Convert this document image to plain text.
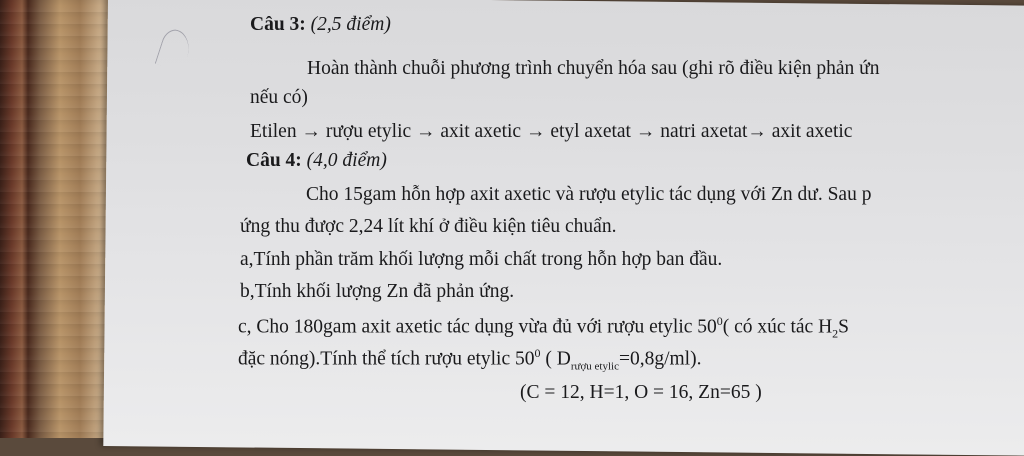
Câu 3: (2,5 điểm)
Hoàn thành chuỗi phương trình chuyển hóa sau (ghi rõ điều kiện phản ứn
nếu có)
Etilen → rượu etylic → axit axetic → etyl axetat → natri axetat→ axit axetic
Câu 4: (4,0 điểm)
Cho 15gam hỗn hợp axit axetic và rượu etylic tác dụng với Zn dư. Sau p
ứng thu được 2,24 lít khí ở điều kiện tiêu chuẩn.
a,Tính phần trăm khối lượng mỗi chất trong hỗn hợp ban đầu.
b,Tính khối lượng Zn đã phản ứng.
c, Cho 180gam axit axetic tác dụng vừa đủ với rượu etylic $50^0$( có xúc tác $H_2S$
đặc nóng).Tính thể tích rượu etylic $50^0$ ( $D_{rượu etylic}=0,8g/ml$).
(C = 12, H=1, O = 16, Zn=65 )
